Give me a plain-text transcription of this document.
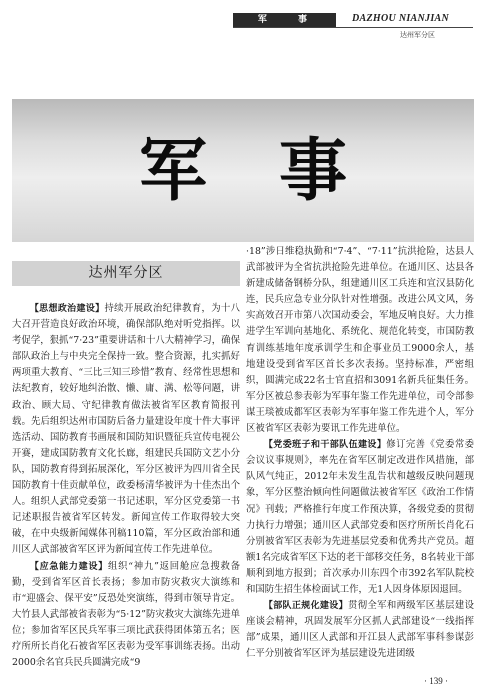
军 事	DAZHOU NIANJIAN
达州军分区
军事
达州军分区

【思想政治建设】持续开展政治纪律教育，为十八大召开营造良好政治环境，确保部队绝对听党指挥。以考促学，狠抓“7·23”重要讲话和十八大精神学习，确保部队政治上与中央完全保持一致。整合资源，扎实抓好两项重大教育、“三比三知三珍惜”教育、经常性思想和法纪教育，较好地纠治散、懒、庸、满、松等问题，讲政治、顾大局、守纪律教育做法被省军区教育简报刊载。先后组织达州市国防后备力量建设年度十件大事评选活动、国防教育书画展和国防知识暨征兵宣传电视公开赛，建成国防教育文化长廊，组建民兵国防文艺小分队，国防教育得到拓展深化，军分区被评为四川省全民国防教育十佳贡献单位，政委杨清华被评为十佳杰出个人。组织人武部党委第一书记述职，军分区党委第一书记述职报告被省军区转发。新闻宣传工作取得较大突破，在中央级新闻媒体刊稿110篇，军分区政治部和通川区人武部被省军区评为新闻宣传工作先进单位。

【应急能力建设】组织“神九”返回舱应急搜救备勤，受到省军区首长表扬；参加市防灾救灾大演练和市“迎盛会、保平安”反恐处突演练，得到市领导肯定。大竹县人武部被省表彰为“5·12”防灾救灾大演练先进单位；参加省军区民兵军事三项比武获得团体第五名；医疗所所长肖化石被省军区表彰为受军事训练表扬。出动2000余名官兵民兵圆满完成“9

·18”涉日维稳执勤和“7·4”、“7·11”抗洪抢险，达县人武部被评为全省抗洪抢险先进单位。在通川区、达县各新建成储备钢桥分队，组建通川区工兵连和宣汉县防化连，民兵应急专业分队针对性增强。改进公风文风，务实高效召开市第八次国动委会，军地反响良好。大力推进学生军训向基地化、系统化、规范化转变，市国防教育训练基地年度承训学生和企事业员工9000余人，基地建设受到省军区首长多次表扬。坚持标准，严密组织，圆满完成22名士官直招和3091名新兵征集任务。军分区被总参表彰为军事年鉴工作先进单位，司令部参谋王琰被成都军区表彰为军事年鉴工作先进个人，军分区被省军区表彰为要讯工作先进单位。

【党委班子和干部队伍建设】修订完善《党委常委会议议事规则》，率先在省军区制定改进作风措施，部队风气纯正，2012年未发生乱告状和越级反映问题现象，军分区整治倾向性问题做法被省军区《政治工作情况》刊载；严格推行年度工作预决算，各级党委的贯彻力执行力增强；通川区人武部党委和医疗所所长肖化石分别被省军区表彰为先进基层党委和优秀共产党员。超额1名完成省军区下达的老干部移交任务，8名转业干部顺利到地方报到；首次承办川东四个市392名军队院校和国防生招生体检面试工作，无1人因身体原因退回。

【部队正规化建设】贯彻全军和两级军区基层建设座谈会精神，巩固发展军分区抓人武部建设“一线指挥部”成果，通川区人武部和开江县人武部军事科参谋彭仁平分别被省军区评为基层建设先进团级

· 139 ·
